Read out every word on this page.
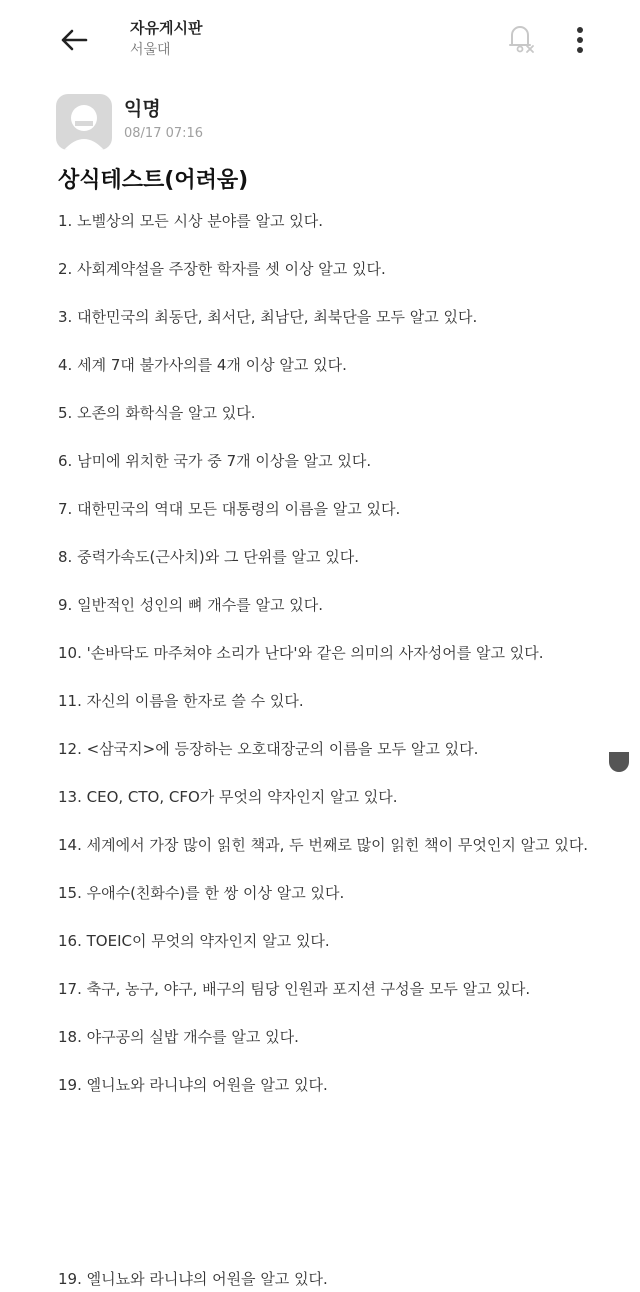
자유게시판
서울대
익명
08/17 07:16
상식테스트(어려움)
1. 노벨상의 모든 시상 분야를 알고 있다.
2. 사회계약설을 주장한 학자를 셋 이상 알고 있다.
3. 대한민국의 최동단, 최서단, 최남단, 최북단을 모두 알고 있다.
4. 세계 7대 불가사의를 4개 이상 알고 있다.
5. 오존의 화학식을 알고 있다.
6. 남미에 위치한 국가 중 7개 이상을 알고 있다.
7. 대한민국의 역대 모든 대통령의 이름을 알고 있다.
8. 중력가속도(근사치)와 그 단위를 알고 있다.
9. 일반적인 성인의 뼈 개수를 알고 있다.
10. '손바닥도 마주쳐야 소리가 난다'와 같은 의미의 사자성어를 알고 있다.
11. 자신의 이름을 한자로 쓸 수 있다.
12. <삼국지>에 등장하는 오호대장군의 이름을 모두 알고 있다.
13. CEO, CTO, CFO가 무엇의 약자인지 알고 있다.
14. 세계에서 가장 많이 읽힌 책과, 두 번째로 많이 읽힌 책이 무엇인지 알고 있다.
15. 우애수(친화수)를 한 쌍 이상 알고 있다.
16. TOEIC이 무엇의 약자인지 알고 있다.
17. 축구, 농구, 야구, 배구의 팀당 인원과 포지션 구성을 모두 알고 있다.
18. 야구공의 실밥 개수를 알고 있다.
19. 엘니뇨와 라니냐의 어원을 알고 있다.
19. 엘니뇨와 라니냐의 어원을 알고 있다.
